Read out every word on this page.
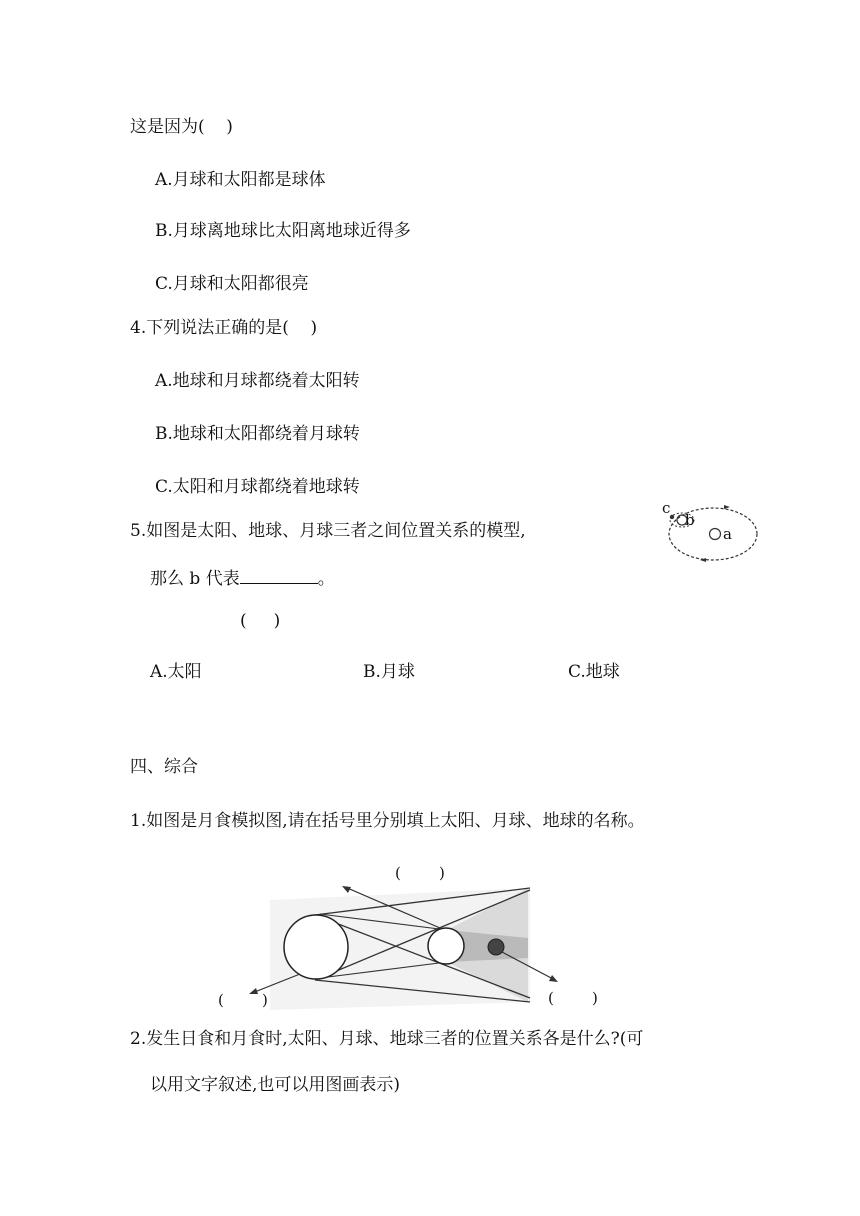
这是因为(    )
A.月球和太阳都是球体
B.月球离地球比太阳离地球近得多
C.月球和太阳都很亮
4.下列说法正确的是(    )
A.地球和月球都绕着太阳转
B.地球和太阳都绕着月球转
C.太阳和月球都绕着地球转
5.如图是太阳、地球、月球三者之间位置关系的模型,
那么 b 代表	。
(     )
A.太阳	B.月球	C.地球
c
b
a
四、综合
1.如图是月食模拟图,请在括号里分别填上太阳、月球、地球的名称。
(        )
(        )	(        )
2.发生日食和月食时,太阳、月球、地球三者的位置关系各是什么?(可
以用文字叙述,也可以用图画表示)
